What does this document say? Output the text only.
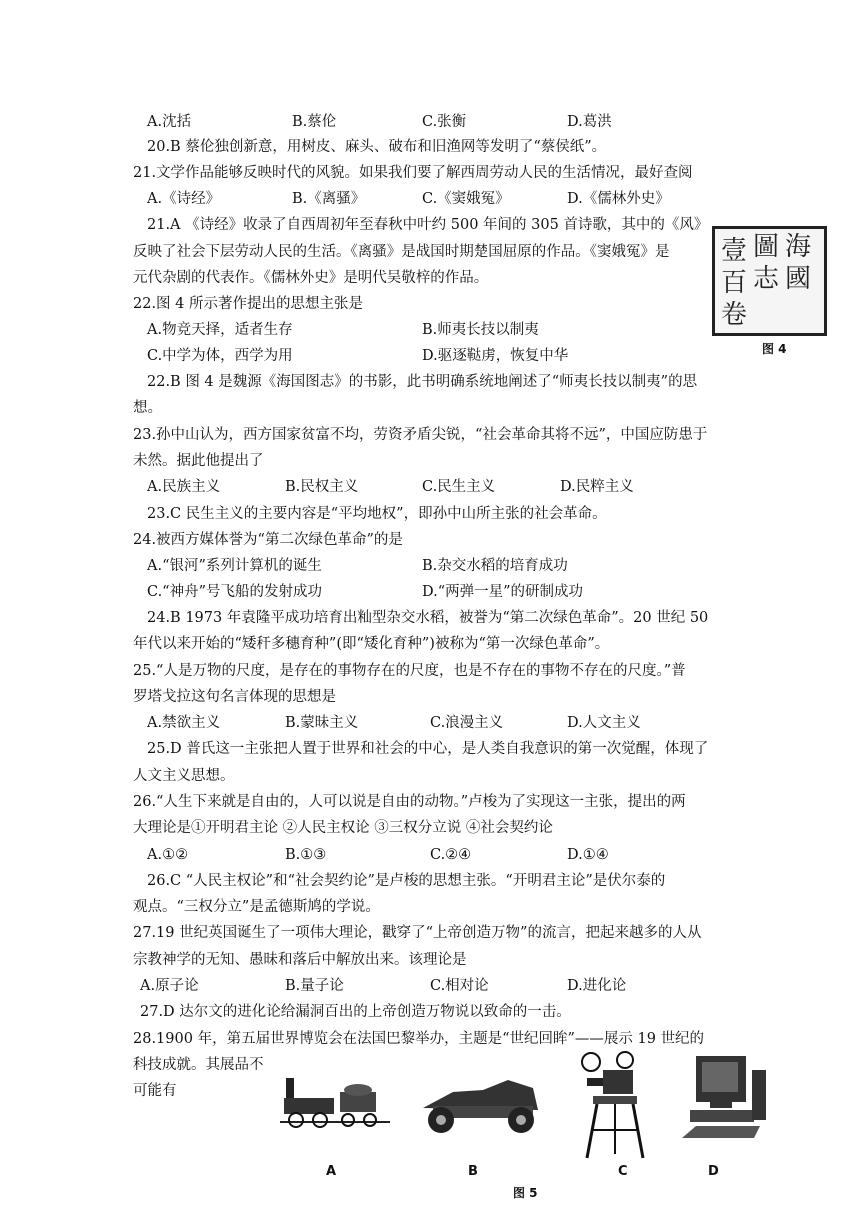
A.沈括	B.蔡伦	C.张衡	D.葛洪
20.B 蔡伦独创新意，用树皮、麻头、破布和旧渔网等发明了“蔡侯纸”。
21.文学作品能够反映时代的风貌。如果我们要了解西周劳动人民的生活情况，最好查阅
A.《诗经》	B.《离骚》	C.《窦娥冤》	D.《儒林外史》
21.A 《诗经》收录了自西周初年至春秋中叶约 500 年间的 305 首诗歌，其中的《风》
反映了社会下层劳动人民的生活。《离骚》是战国时期楚国屈原的作品。《窦娥冤》是
元代杂剧的代表作。《儒林外史》是明代吴敬梓的作品。
海
國
圖
志
壹
百
卷
图 4
22.图 4 所示著作提出的思想主张是
A.物竞天择，适者生存	B.师夷长技以制夷
C.中学为体，西学为用	D.驱逐鞑虏，恢复中华
22.B 图 4 是魏源《海国图志》的书影，此书明确系统地阐述了“师夷长技以制夷”的思
想。
23.孙中山认为，西方国家贫富不均，劳资矛盾尖锐，“社会革命其将不远”，中国应防患于
未然。据此他提出了
A.民族主义	B.民权主义	C.民生主义	D.民粹主义
23.C 民生主义的主要内容是“平均地权”，即孙中山所主张的社会革命。
24.被西方媒体誉为“第二次绿色革命”的是
A.“银河”系列计算机的诞生	B.杂交水稻的培育成功
C.“神舟”号飞船的发射成功	D.“两弹一星”的研制成功
24.B 1973 年袁隆平成功培育出籼型杂交水稻，被誉为“第二次绿色革命”。20 世纪 50
年代以来开始的“矮秆多穗育种”(即“矮化育种”)被称为“第一次绿色革命”。
25.“人是万物的尺度，是存在的事物存在的尺度，也是不存在的事物不存在的尺度。”普
罗塔戈拉这句名言体现的思想是
A.禁欲主义	B.蒙昧主义	C.浪漫主义	D.人文主义
25.D 普氏这一主张把人置于世界和社会的中心，是人类自我意识的第一次觉醒，体现了
人文主义思想。
26.“人生下来就是自由的，人可以说是自由的动物。”卢梭为了实现这一主张，提出的两
大理论是①开明君主论 ②人民主权论 ③三权分立说 ④社会契约论
A.①②	B.①③	C.②④	D.①④
26.C “人民主权论”和“社会契约论”是卢梭的思想主张。“开明君主论”是伏尔泰的
观点。“三权分立”是孟德斯鸠的学说。
27.19 世纪英国诞生了一项伟大理论，戳穿了“上帝创造万物”的流言，把起来越多的人从
宗教神学的无知、愚昧和落后中解放出来。该理论是
A.原子论	B.量子论	C.相对论	D.进化论
27.D 达尔文的进化论给漏洞百出的上帝创造万物说以致命的一击。
28.1900 年，第五届世界博览会在法国巴黎举办，主题是“世纪回眸”——展示 19 世纪的
科技成就。其展品不
可能有
A	B	C	D
图 5
